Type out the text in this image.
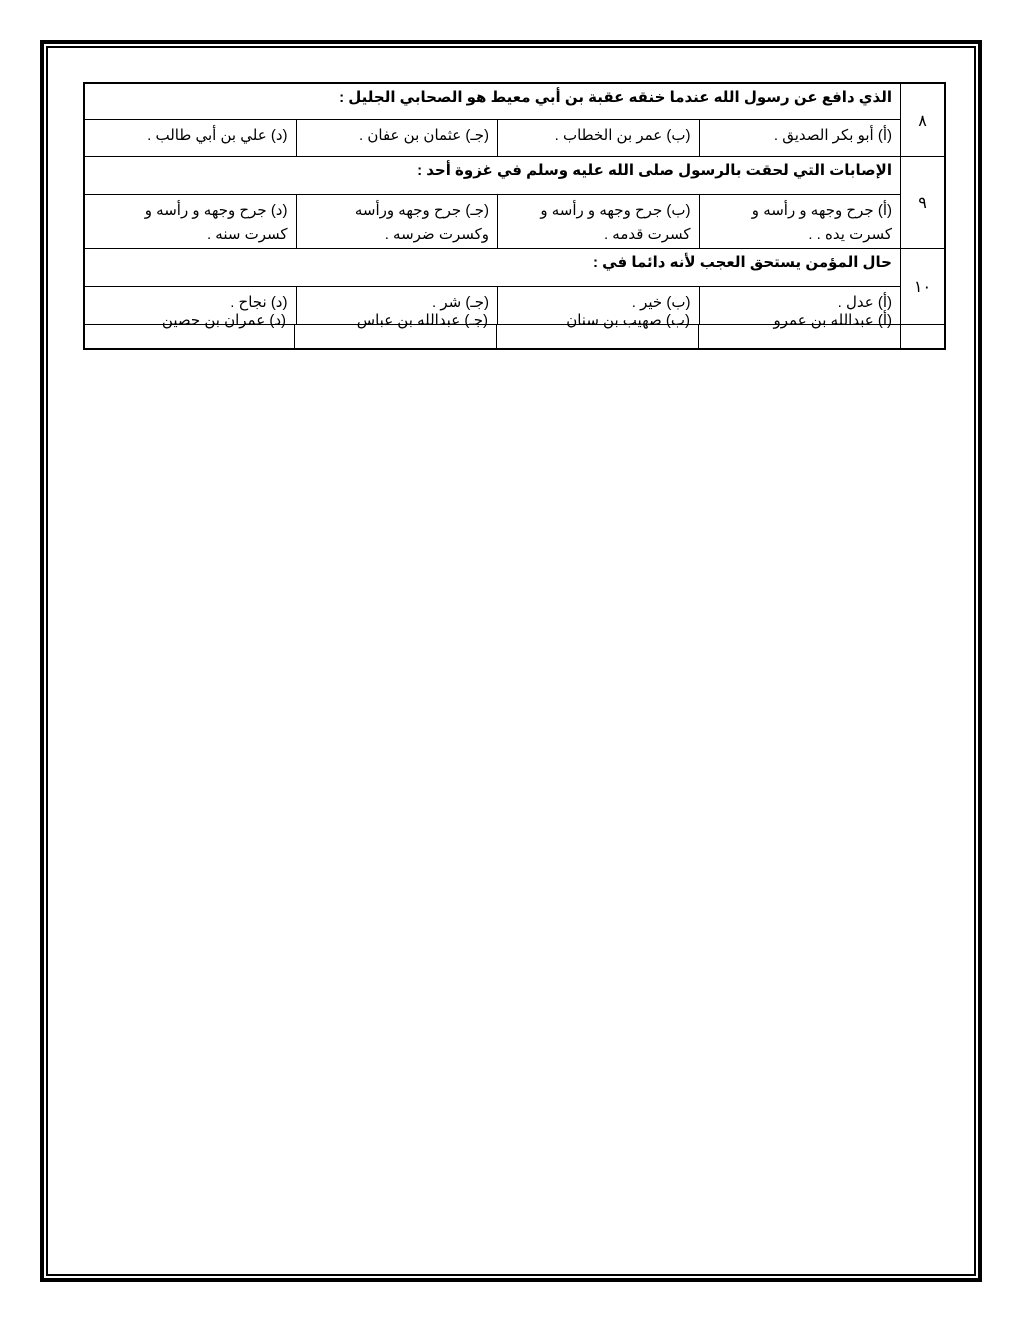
٨
الذي دافع عن رسول الله عندما خنقه عقبة بن أبي معيط هو الصحابي الجليل :
(أ) أبو بكر الصديق .
(ب) عمر بن الخطاب .
(جـ) عثمان بن عفان .
(د) علي بن أبي طالب .
٩
الإصابات التي لحقت بالرسول صلى الله عليه وسلم في غزوة أحد :
(أ) جرح وجهه و رأسه و
كسرت يده . .
(ب) جرح وجهه و رأسه و
كسرت قدمه .
(جـ) جرح وجهه ورأسه
وكسرت ضرسه .
(د) جرح وجهه و رأسه و
كسرت سنه .
١٠
حال المؤمن يستحق العجب لأنه دائما في :
(أ) عدل .
(ب) خير .
(جـ) شر .
(د) نجاح .
(أ) عبدالله بن عمرو
(ب) صهيب بن سنان
(جـ) عبدالله بن عباس
(د) عمران بن حصين
